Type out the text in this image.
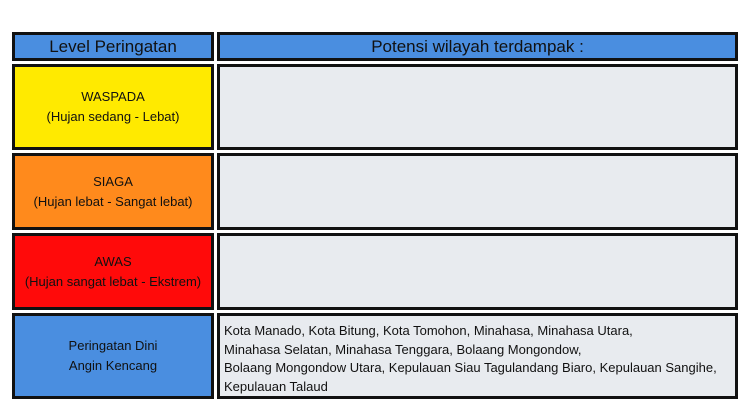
Level Peringatan	Potensi wilayah terdampak :
WASPADA
(Hujan sedang - Lebat)
SIAGA
(Hujan lebat - Sangat lebat)
AWAS
(Hujan sangat lebat - Ekstrem)
Peringatan Dini
Angin Kencang
Kota Manado, Kota Bitung, Kota Tomohon, Minahasa, Minahasa Utara,
Minahasa Selatan, Minahasa Tenggara, Bolaang Mongondow,
Bolaang Mongondow Utara, Kepulauan Siau Tagulandang Biaro, Kepulauan Sangihe,
Kepulauan Talaud
